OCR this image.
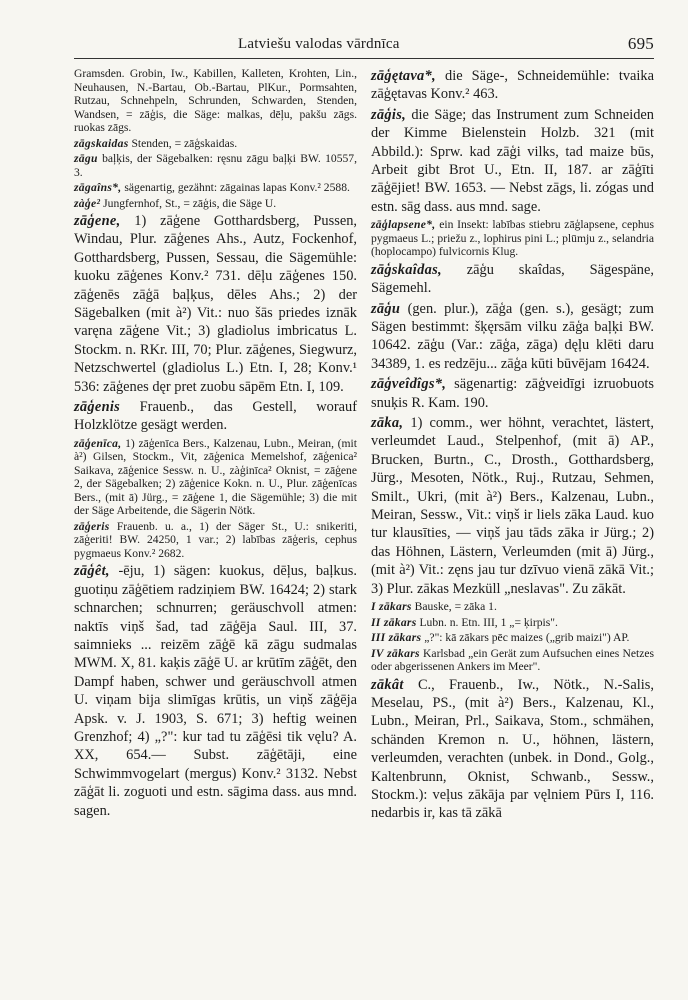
Latviešu valodas vārdnīca	695

Gramsden. Grobin, Iw., Kabillen, Kalleten, Krohten, Lin., Neuhausen, N.-Bartau, Ob.-Bartau, PlKur., Pormsahten, Rutzau, Schnehpeln, Schrunden, Schwarden, Stenden, Wandsen, = zāģis, die Säge: malkas, dēļu, pakšu zāgs. ruokas zāgs.

zāgskaidas Stenden, = zāģskaidas.

zāgu baļķis, der Sägebalken: ręsnu zāgu baļķi BW. 10557, 3.

zāgaîns*, sägenartig, gezähnt: zāgainas lapas Konv.² 2588.

zàģe² Jungfernhof, St., = zāģis, die Säge U.

zāģene, 1) zāģene Gotthardsberg, Pussen, Windau, Plur. zāģenes Ahs., Autz, Fockenhof, Gotthardsberg, Pussen, Sessau, die Sägemühle: kuoku zāģenes Konv.² 731. dēļu zāģenes 150. zāģenēs zāģā baļķus, dēles Ahs.; 2) der Sägebalken (mit à²) Vit.: nuo šās priedes iznāk varęna zāģene Vit.; 3) gladiolus imbricatus L. Stockm. n. RKr. III, 70; Plur. zāģenes, Siegwurz, Netzschwertel (gladiolus L.) Etn. I, 28; Konv.¹ 536: zāģenes dęr pret zuobu sāpēm Etn. I, 109.

zāģenis Frauenb., das Gestell, worauf Holzklötze gesägt werden.

zāģenīca, 1) zāģenīca Bers., Kalzenau, Lubn., Meiran, (mit à²) Gilsen, Stockm., Vit, zāģenica Memelshof, zāģenica² Saikava, zāģenice Sessw. n. U., zàģinīca² Oknist, = zāģene 2, der Sägebalken; 2) zāģenice Kokn. n. U., Plur. zāģenīcas Bers., (mit ā) Jürg., = zāģene 1, die Sägemühle; 3) die mit der Säge Arbeitende, die Sägerin Nötk.

zāģeris Frauenb. u. a., 1) der Säger St., U.: snikeriti, zāģeriti! BW. 24250, 1 var.; 2) labības zāģeris, cephus pygmaeus Konv.² 2682.

zāģêt, -ēju, 1) sägen: kuokus, dēļus, baļkus. guotiņu zāģētiem radziņiem BW. 16424; 2) stark schnarchen; schnurren; geräuschvoll atmen: naktīs viņš šad, tad zāģēja Saul. III, 37. saimnieks ... reizēm zāģē kā zāgu sudmalas MWM. X, 81. kaķis zāģē U. ar krūtīm zāģēt, den Dampf haben, schwer und geräuschvoll atmen U. viņam bija slimīgas krūtis, un viņš zāģēja Apsk. v. J. 1903, S. 671; 3) heftig weinen Grenzhof; 4) „?": kur tad tu zāģēsi tik vęlu? A. XX, 654.— Subst. zāģētāji, eine Schwimmvogelart (mergus) Konv.² 3132. Nebst zāģāt li. zoguoti und estn. sāgima dass. aus mnd. sagen.

zāģętava*, die Säge-, Schneidemühle: tvaika zāģętavas Konv.² 463.

zāģis, die Säge; das Instrument zum Schneiden der Kimme Bielenstein Holzb. 321 (mit Abbild.): Sprw. kad zāģi vilks, tad maize būs, Arbeit gibt Brot U., Etn. II, 187. ar zāģīti zāģējiet! BW. 1653. — Nebst zāgs, li. zógas und estn. sāg dass. aus mnd. sage.

zāģlapsene*, ein Insekt: labības stiebru zāģlapsene, cephus pygmaeus L.; priežu z., lophirus pini L.; plūmju z., selandria (hoplocampo) fulvicornis Klug.

zāģskaîdas, zāģu skaîdas, Sägespäne, Sägemehl.

zāģu (gen. plur.), zāģa (gen. s.), gesägt; zum Sägen bestimmt: šķęrsām vilku zāģa baļķi BW. 10642. zāģu (Var.: zāģa, zāga) dęļu klēti daru 34389, 1. es redzēju... zāģa kūti būvējam 16424.

zāģveîdîgs*, sägenartig: zāģveidīgi izruobuots snuķis R. Kam. 190.

zāka, 1) comm., wer höhnt, verachtet, lästert, verleumdet Laud., Stelpenhof, (mit ā) AP., Brucken, Burtn., C., Drosth., Gotthardsberg, Jürg., Mesoten, Nötk., Ruj., Rutzau, Sehmen, Smilt., Ukri, (mit à²) Bers., Kalzenau, Lubn., Meiran, Sessw., Vit.: viņš ir liels zāka Laud. kuo tur klausīties, — viņš jau tāds zāka ir Jürg.; 2) das Höhnen, Lästern, Verleumden (mit ā) Jürg., (mit à²) Vit.: zęns jau tur dzīvuo vienā zākā Vit.; 3) Plur. zākas Mezküll „neslavas". Zu zākāt.

I zākars Bauske, = zāka 1.

II zākars Lubn. n. Etn. III, 1 „= ķirpis".

III zākars „?": kā zākars pēc maizes („grib maizi") AP.

IV zākars Karlsbad „ein Gerät zum Aufsuchen eines Netzes oder abgerissenen Ankers im Meer".

zākât C., Frauenb., Iw., Nötk., N.-Salis, Meselau, PS., (mit à²) Bers., Kalzenau, Kl., Lubn., Meiran, Prl., Saikava, Stom., schmähen, schänden Kremon n. U., höhnen, lästern, verleumden, verachten (unbek. in Dond., Golg., Kaltenbrunn, Oknist, Schwanb., Sessw., Stockm.): veļus zākāja par vęlniem Pūrs I, 116. nedarbis ir, kas tā zākā
